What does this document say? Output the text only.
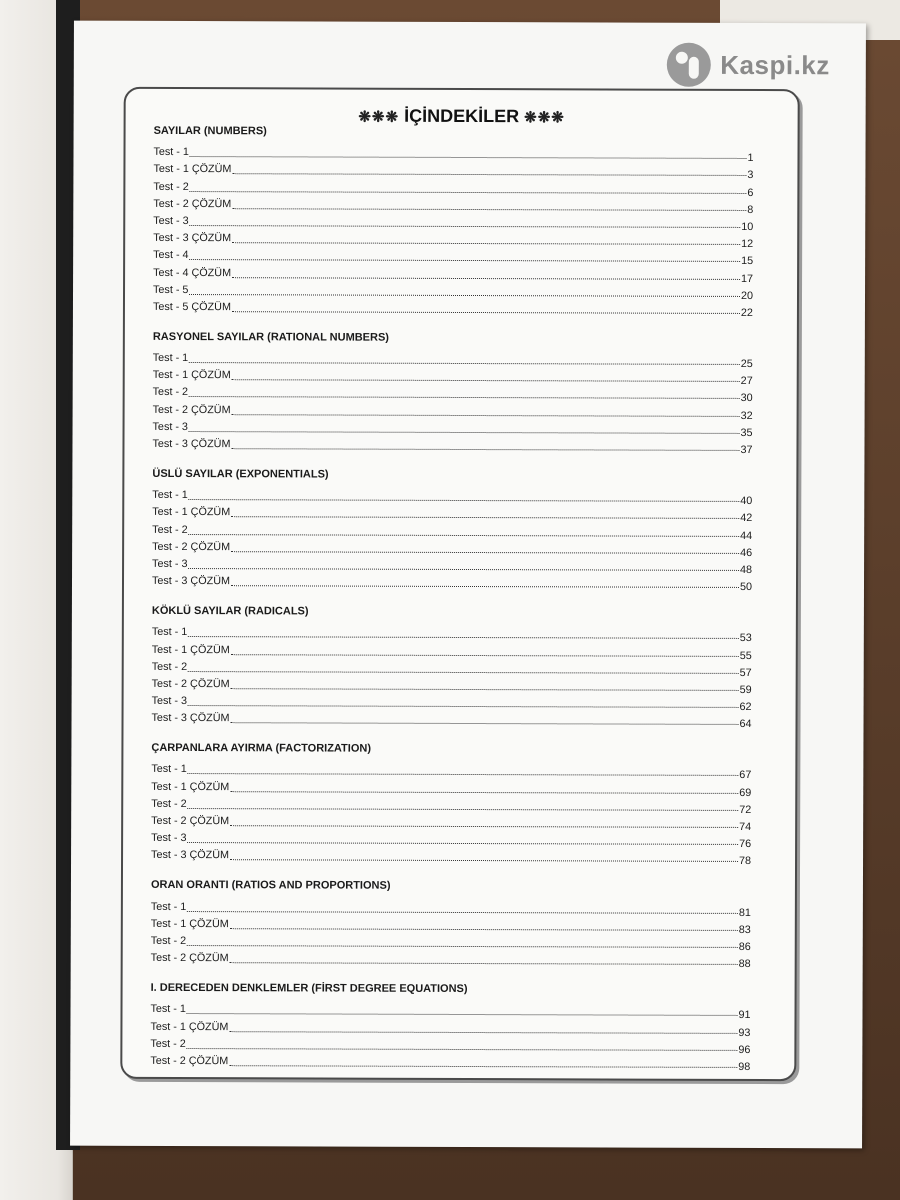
Kaspi.kz
❋❋❋ İÇİNDEKİLER ❋❋❋
SAYILAR (NUMBERS)
Test - 1	1
Test - 1 ÇÖZÜM	3
Test - 2	6
Test - 2 ÇÖZÜM	8
Test - 3	10
Test - 3 ÇÖZÜM	12
Test - 4	15
Test - 4 ÇÖZÜM	17
Test - 5	20
Test - 5 ÇÖZÜM	22
RASYONEL SAYILAR (RATIONAL NUMBERS)
Test - 1	25
Test - 1 ÇÖZÜM	27
Test - 2	30
Test - 2 ÇÖZÜM	32
Test - 3	35
Test - 3 ÇÖZÜM	37
ÜSLÜ SAYILAR (EXPONENTIALS)
Test - 1	40
Test - 1 ÇÖZÜM	42
Test - 2	44
Test - 2 ÇÖZÜM	46
Test - 3	48
Test - 3 ÇÖZÜM	50
KÖKLÜ SAYILAR (RADICALS)
Test - 1	53
Test - 1 ÇÖZÜM	55
Test - 2	57
Test - 2 ÇÖZÜM	59
Test - 3	62
Test - 3 ÇÖZÜM	64
ÇARPANLARA AYIRMA (FACTORIZATION)
Test - 1	67
Test - 1 ÇÖZÜM	69
Test - 2	72
Test - 2 ÇÖZÜM	74
Test - 3	76
Test - 3 ÇÖZÜM	78
ORAN ORANTI (RATIOS AND PROPORTIONS)
Test - 1	81
Test - 1 ÇÖZÜM	83
Test - 2	86
Test - 2 ÇÖZÜM	88
I. DERECEDEN DENKLEMLER (FİRST DEGREE EQUATIONS)
Test - 1	91
Test - 1 ÇÖZÜM	93
Test - 2	96
Test - 2 ÇÖZÜM	98
